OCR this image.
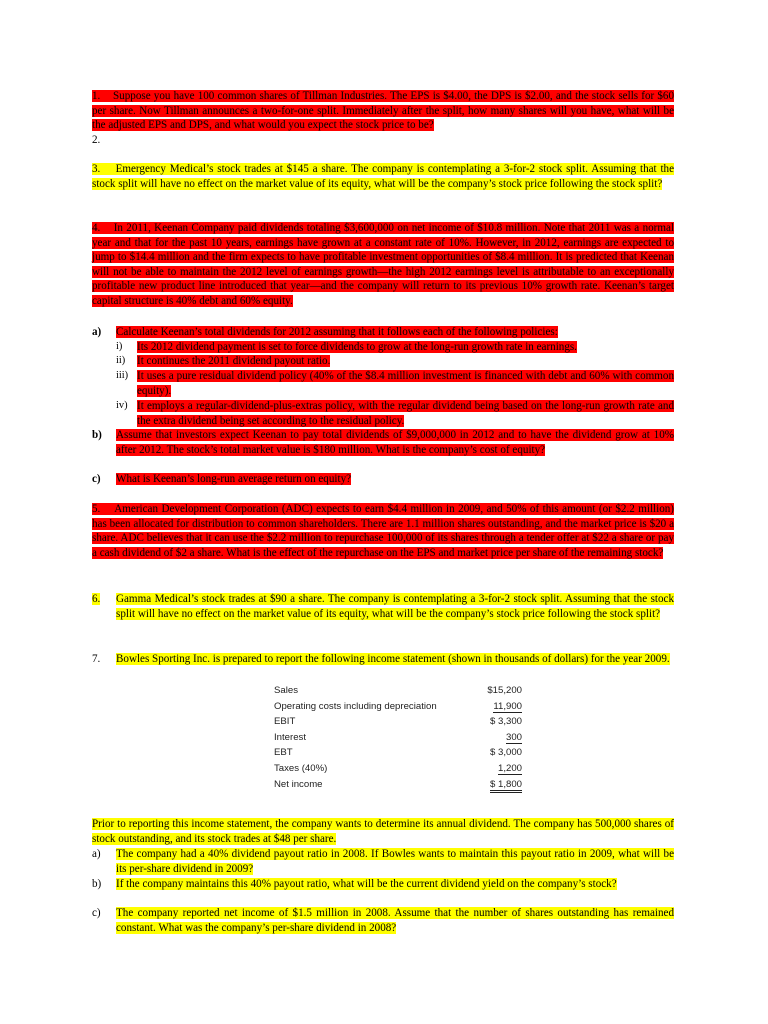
1. Suppose you have 100 common shares of Tillman Industries. The EPS is $4.00, the DPS is $2.00, and the stock sells for $60 per share. Now Tillman announces a two-for-one split. Immediately after the split, how many shares will you have, what will be the adjusted EPS and DPS, and what would you expect the stock price to be?
2.
3. Emergency Medical’s stock trades at $145 a share. The company is contemplating a 3-for-2 stock split. Assuming that the stock split will have no effect on the market value of its equity, what will be the company’s stock price following the stock split?
4. In 2011, Keenan Company paid dividends totaling $3,600,000 on net income of $10.8 million. Note that 2011 was a normal year and that for the past 10 years, earnings have grown at a constant rate of 10%. However, in 2012, earnings are expected to jump to $14.4 million and the firm expects to have profitable investment opportunities of $8.4 million. It is predicted that Keenan will not be able to maintain the 2012 level of earnings growth—the high 2012 earnings level is attributable to an exceptionally profitable new product line introduced that year—and the company will return to its previous 10% growth rate. Keenan’s target capital structure is 40% debt and 60% equity.
a) Calculate Keenan’s total dividends for 2012 assuming that it follows each of the following policies:
i) Its 2012 dividend payment is set to force dividends to grow at the long-run growth rate in earnings.
ii) It continues the 2011 dividend payout ratio.
iii) It uses a pure residual dividend policy (40% of the $8.4 million investment is financed with debt and 60% with common equity).
iv) It employs a regular-dividend-plus-extras policy, with the regular dividend being based on the long-run growth rate and the extra dividend being set according to the residual policy.
b) Assume that investors expect Keenan to pay total dividends of $9,000,000 in 2012 and to have the dividend grow at 10% after 2012. The stock’s total market value is $180 million. What is the company’s cost of equity?
c) What is Keenan’s long-run average return on equity?
5. American Development Corporation (ADC) expects to earn $4.4 million in 2009, and 50% of this amount (or $2.2 million) has been allocated for distribution to common shareholders. There are 1.1 million shares outstanding, and the market price is $20 a share. ADC believes that it can use the $2.2 million to repurchase 100,000 of its shares through a tender offer at $22 a share or pay a cash dividend of $2 a share. What is the effect of the repurchase on the EPS and market price per share of the remaining stock?
6.	Gamma Medical’s stock trades at $90 a share. The company is contemplating a 3-for-2 stock split. Assuming that the stock split will have no effect on the market value of its equity, what will be the company’s stock price following the stock split?
7.	Bowles Sporting Inc. is prepared to report the following income statement (shown in thousands of dollars) for the year 2009.
Sales	$15,200
Operating costs including depreciation	11,900
EBIT	$ 3,300
Interest	300
EBT	$ 3,000
Taxes (40%)	1,200
Net income	$ 1,800
Prior to reporting this income statement, the company wants to determine its annual dividend. The company has 500,000 shares of stock outstanding, and its stock trades at $48 per share.
a) The company had a 40% dividend payout ratio in 2008. If Bowles wants to maintain this payout ratio in 2009, what will be its per-share dividend in 2009?
b) If the company maintains this 40% payout ratio, what will be the current dividend yield on the company’s stock?
c) The company reported net income of $1.5 million in 2008. Assume that the number of shares outstanding has remained constant. What was the company’s per-share dividend in 2008?
